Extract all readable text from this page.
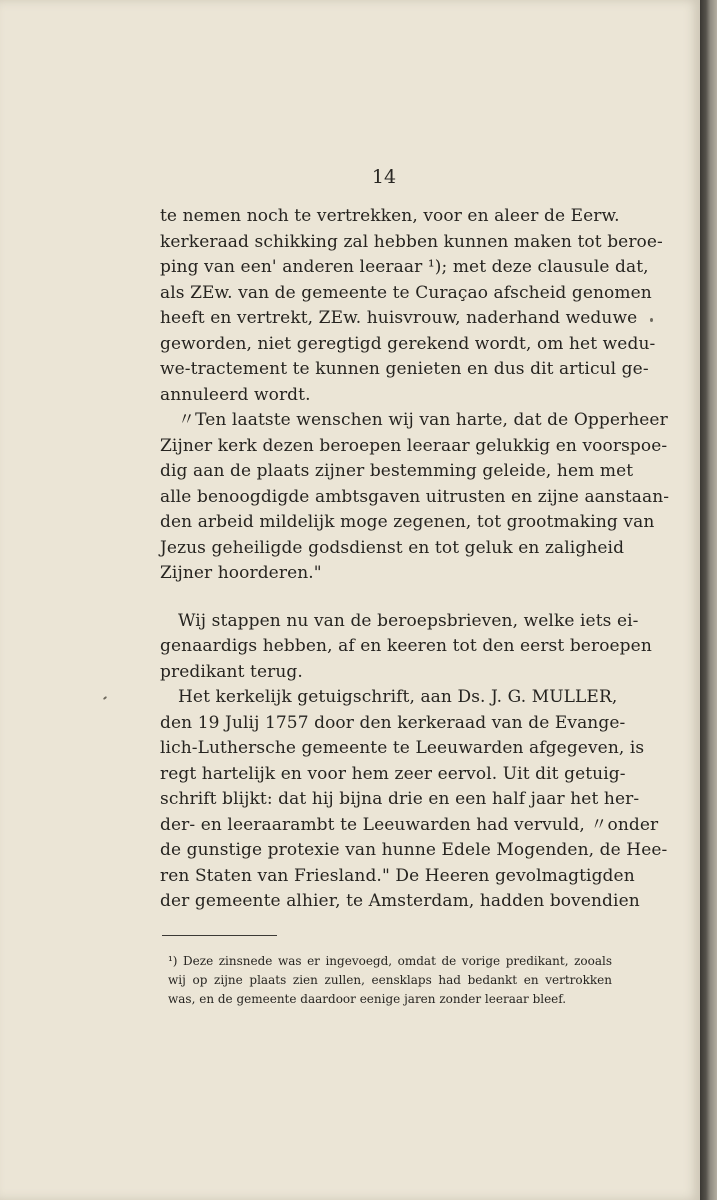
14
te nemen noch te vertrekken, voor en aleer de Eerw.
kerkeraad schikking zal hebben kunnen maken tot beroe-
ping van een' anderen leeraar ¹); met deze clausule dat,
als ZEw. van de gemeente te Curaçao afscheid genomen
heeft en vertrekt, ZEw. huisvrouw, naderhand weduwe
geworden, niet geregtigd gerekend wordt, om het wedu-
we-tractement te kunnen genieten en dus dit articul ge-
annuleerd wordt.
〃Ten laatste wenschen wij van harte, dat de Opperheer
Zijner kerk dezen beroepen leeraar gelukkig en voorspoe-
dig aan de plaats zijner bestemming geleide, hem met
alle benoogdigde ambtsgaven uitrusten en zijne aanstaan-
den arbeid mildelijk moge zegenen, tot grootmaking van
Jezus geheiligde godsdienst en tot geluk en zaligheid
Zijner hoorderen."
Wij stappen nu van de beroepsbrieven, welke iets ei-
genaardigs hebben, af en keeren tot den eerst beroepen
predikant terug.
Het kerkelijk getuigschrift, aan Ds. J. G. MULLER,
den 19 Julij 1757 door den kerkeraad van de Evange-
lich-Luthersche gemeente te Leeuwarden afgegeven, is
regt hartelijk en voor hem zeer eervol. Uit dit getuig-
schrift blijkt: dat hij bijna drie en een half jaar het her-
der- en leeraarambt te Leeuwarden had vervuld, 〃onder
de gunstige protexie van hunne Edele Mogenden, de Hee-
ren Staten van Friesland." De Heeren gevolmagtigden
der gemeente alhier, te Amsterdam, hadden bovendien
¹) Deze zinsnede was er ingevoegd, omdat de vorige predikant, zooals
wij op zijne plaats zien zullen, eensklaps had bedankt en vertrokken
was, en de gemeente daardoor eenige jaren zonder leeraar bleef.
